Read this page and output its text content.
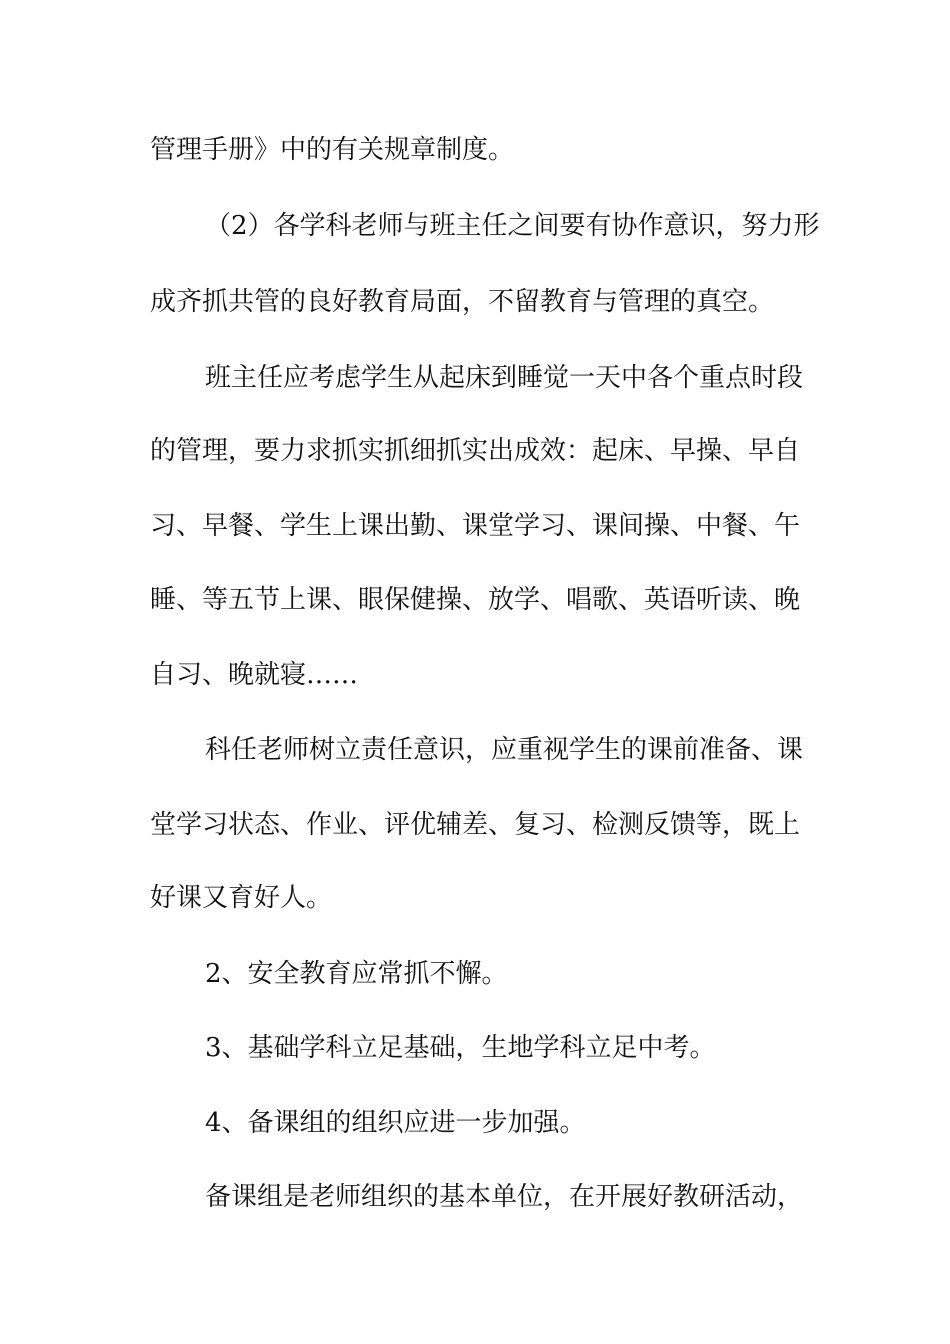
管理手册》中的有关规章制度。
（2）各学科老师与班主任之间要有协作意识，努力形
成齐抓共管的良好教育局面，不留教育与管理的真空。
班主任应考虑学生从起床到睡觉一天中各个重点时段
的管理，要力求抓实抓细抓实出成效：起床、早操、早自
习、早餐、学生上课出勤、课堂学习、课间操、中餐、午
睡、等五节上课、眼保健操、放学、唱歌、英语听读、晚
自习、晚就寝……
科任老师树立责任意识，应重视学生的课前准备、课
堂学习状态、作业、评优辅差、复习、检测反馈等，既上
好课又育好人。
2、安全教育应常抓不懈。
3、基础学科立足基础，生地学科立足中考。
4、备课组的组织应进一步加强。
备课组是老师组织的基本单位，在开展好教研活动，
